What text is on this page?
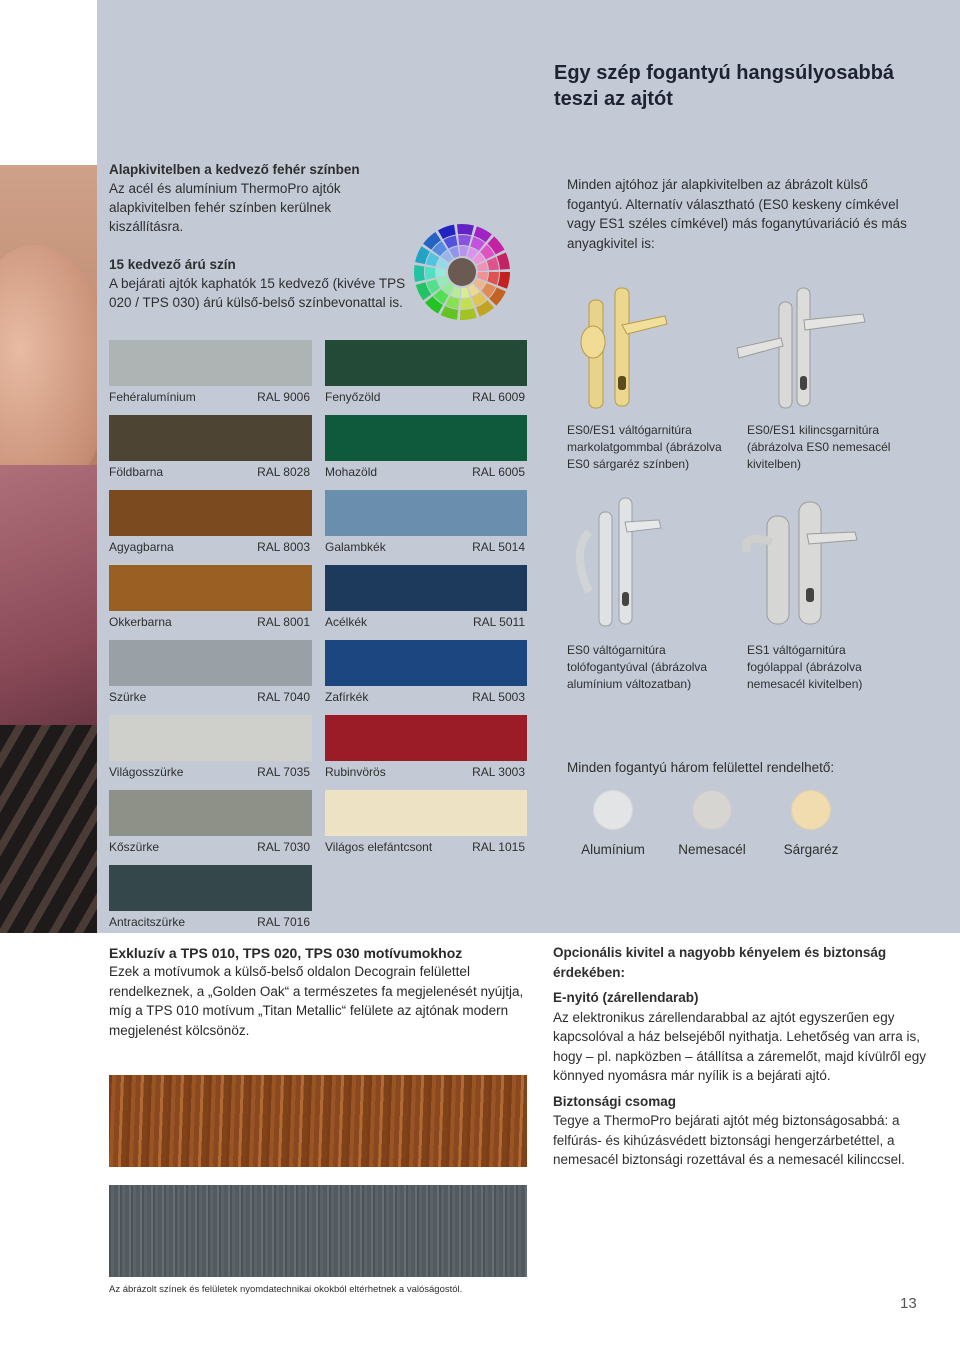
Egy szép fogantyú hangsúlyosabbá teszi az ajtót
Alapkivitelben a kedvező fehér színben
Az acél és alumínium ThermoPro ajtók alapkivitelben fehér színben kerülnek kiszállításra.
15 kedvező árú szín
A bejárati ajtók kaphatók 15 kedvező (kivéve TPS 020 / TPS 030) árú külső-belső színbevonattal is.
Minden ajtóhoz jár alapkivitelben az ábrázolt külső fogantyú. Alternatív választható (ES0 keskeny címkével vagy ES1 széles címkével) más foganytúvariáció és más anyagkivitel is:
Fehéralumínium	RAL 9006 Fenyőzöld	RAL 6009
Földbarna	RAL 8028 Mohazöld	RAL 6005
Agyagbarna	RAL 8003 Galambkék	RAL 5014
Okkerbarna	RAL 8001 Acélkék	RAL 5011
Szürke	RAL 7040 Zafírkék	RAL 5003
Világosszürke	RAL 7035 Rubinvörös	RAL 3003
Kőszürke	RAL 7030 Világos elefántcsont	RAL 1015
Antracitszürke	RAL 7016
ES0/ES1 váltógarnitúra markolatgommbal (ábrázolva ES0 sárgaréz színben)
ES0/ES1 kilincsgarnitúra (ábrázolva ES0 nemesacél kivitelben)
ES0 váltógarnitúra tolófogantyúval (ábrázolva alumínium változatban)
ES1 váltógarnitúra fogólappal (ábrázolva nemesacél kivitelben)
Minden fogantyú három felülettel rendelhető:
Alumínium	Nemesacél	Sárgaréz
Exkluzív a TPS 010, TPS 020, TPS 030 motívumokhoz
Ezek a motívumok a külső-belső oldalon Decograin felülettel rendelkeznek, a „Golden Oak“ a természetes fa megjelenését nyújtja, míg a TPS 010 motívum „Titan Metallic“ felülete az ajtónak modern megjelenést kölcsönöz.
Az ábrázolt színek és felületek nyomdatechnikai okokból eltérhetnek a valóságostól.
Opcionális kivitel a nagyobb kényelem és biztonság érdekében:
E-nyitó (zárellendarab)
Az elektronikus zárellendarabbal az ajtót egyszerűen egy kapcsolóval a ház belsejéből nyithatja. Lehetőség van arra is, hogy – pl. napközben – átállítsa a záremelőt, majd kívülről egy könnyed nyomásra már nyílik is a bejárati ajtó.
Biztonsági csomag
Tegye a ThermoPro bejárati ajtót még biztonságosabbá: a felfúrás- és kihúzásvédett biztonsági hengerzárbetéttel, a nemesacél biztonsági rozettával és a nemesacél kilinccsel.
13
